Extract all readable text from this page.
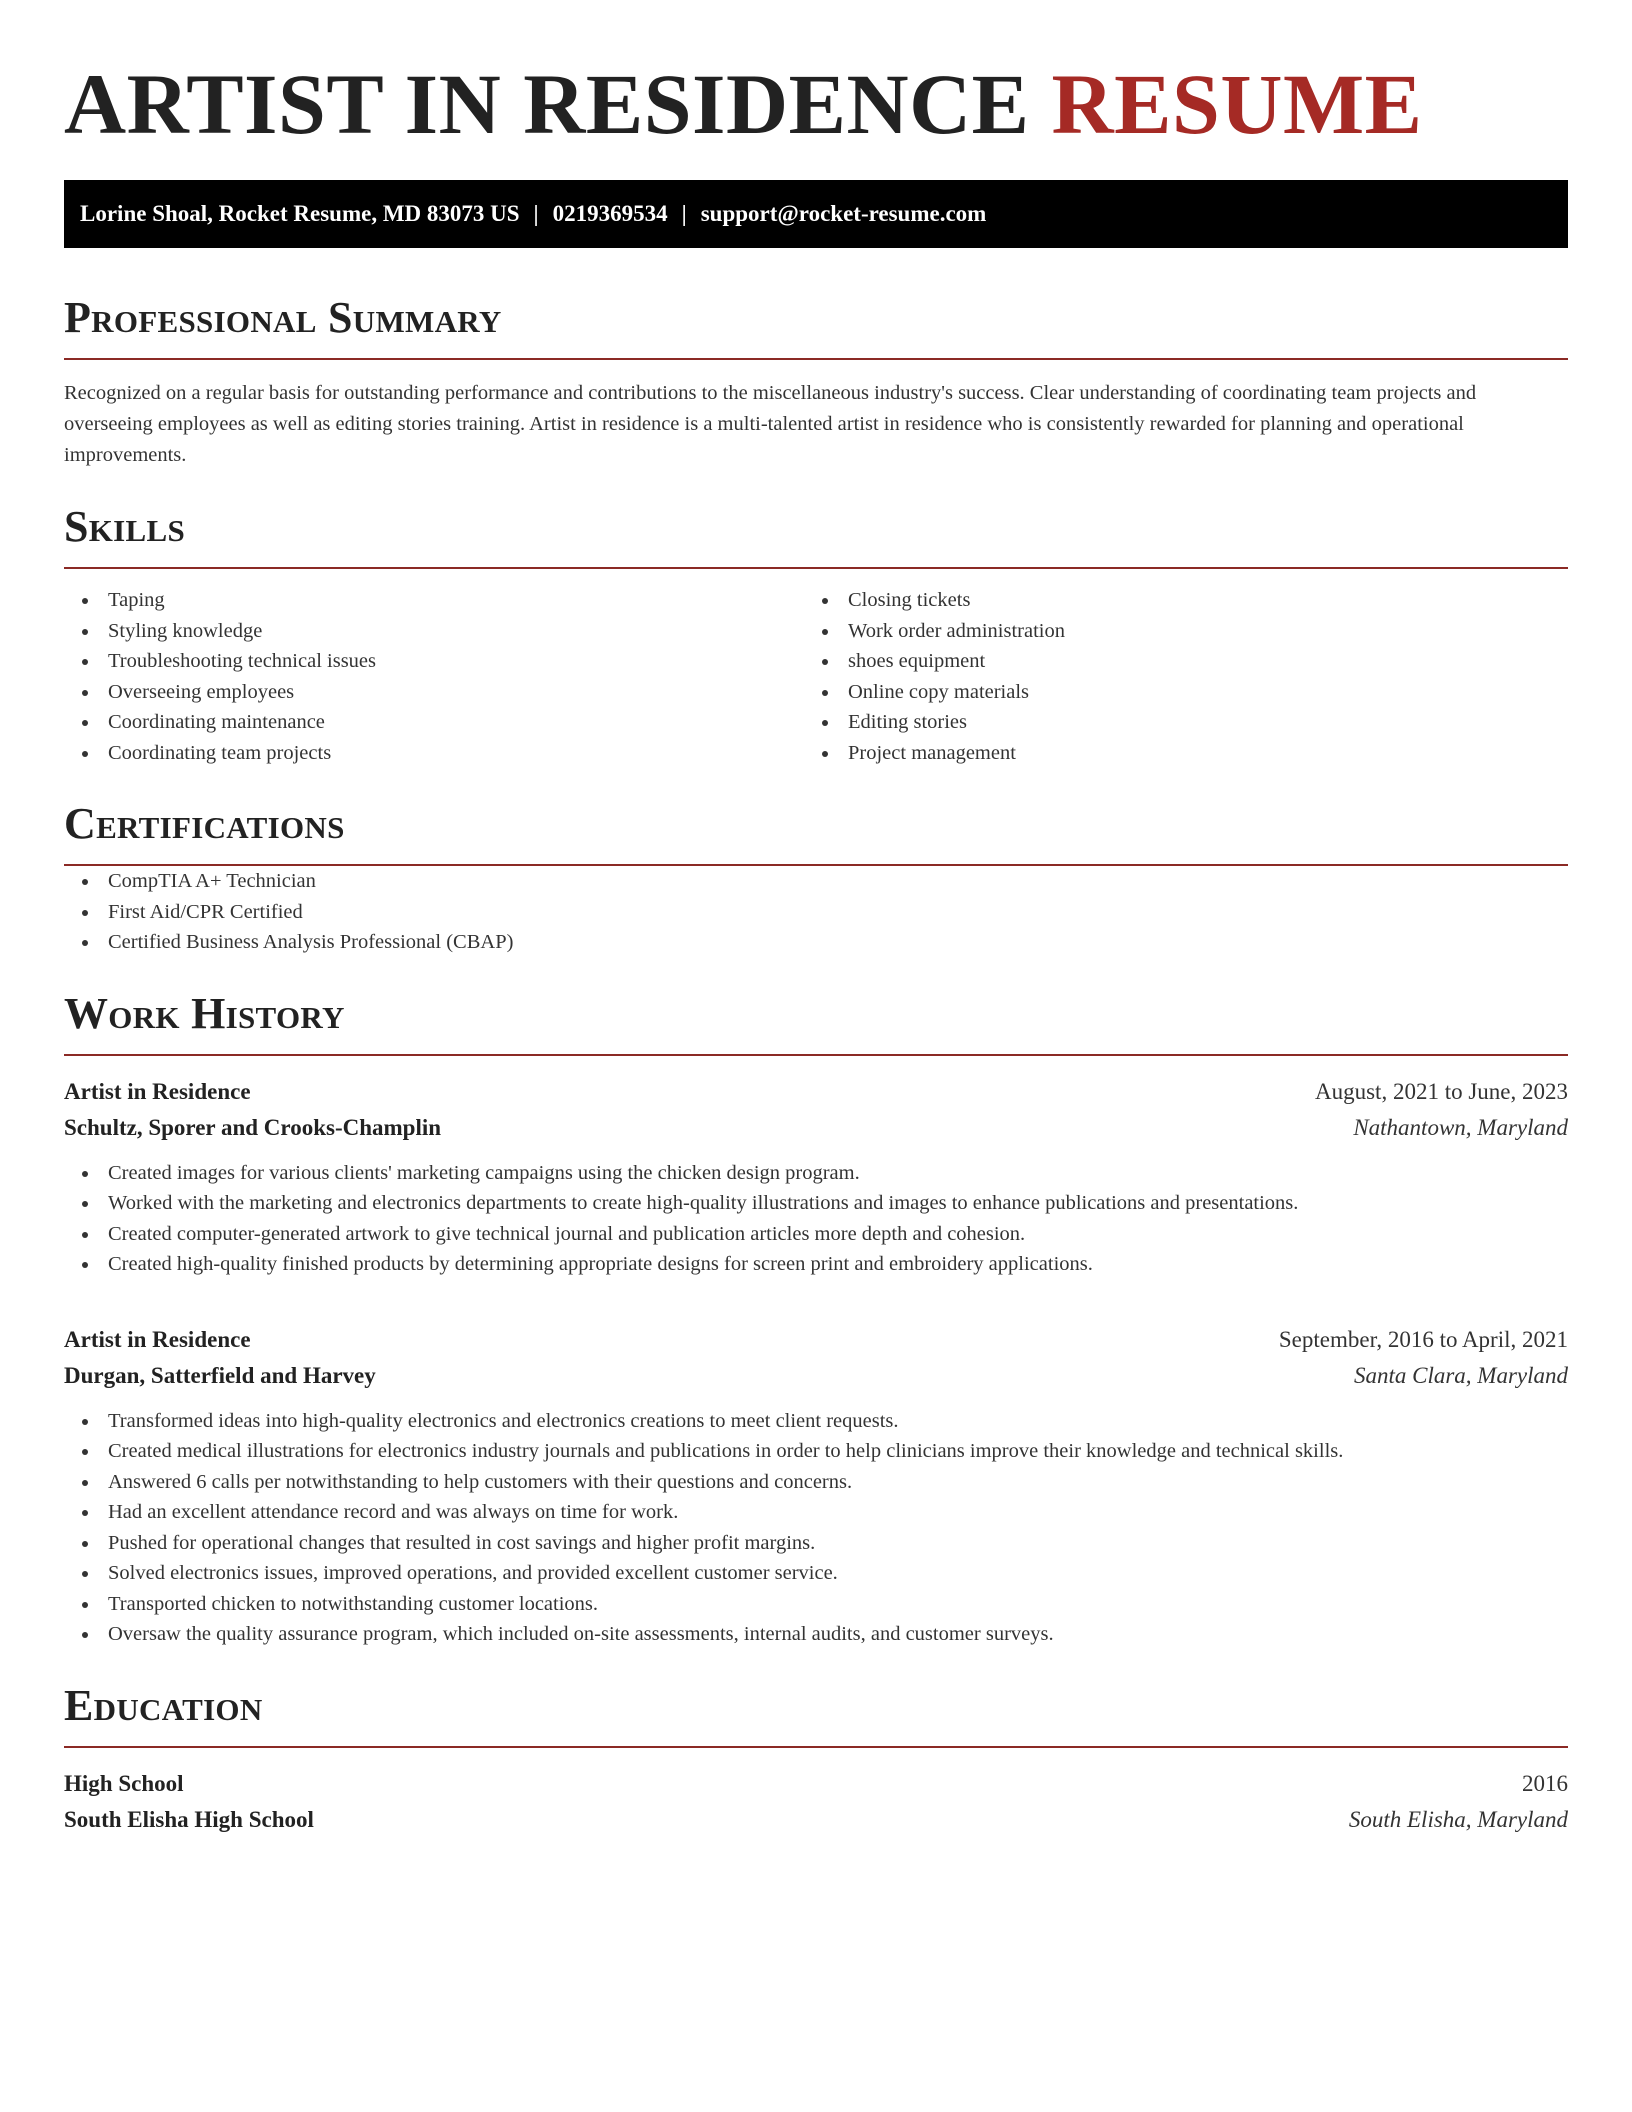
ARTIST IN RESIDENCE RESUME
Lorine Shoal, Rocket Resume, MD 83073 US | 0219369534 | support@rocket-resume.com
Professional Summary

Recognized on a regular basis for outstanding performance and contributions to the miscellaneous industry's success. Clear understanding of coordinating team projects and overseeing employees as well as editing stories training. Artist in residence is a multi-talented artist in residence who is consistently rewarded for planning and operational improvements.

Skills
Taping
Styling knowledge
Troubleshooting technical issues
Overseeing employees
Coordinating maintenance
Coordinating team projects
Closing tickets
Work order administration
shoes equipment
Online copy materials
Editing stories
Project management
Certifications
CompTIA A+ Technician
First Aid/CPR Certified
Certified Business Analysis Professional (CBAP)
Work History
Artist in Residence	August, 2021 to June, 2023
Schultz, Sporer and Crooks-Champlin	Nathantown, Maryland
Created images for various clients' marketing campaigns using the chicken design program.
Worked with the marketing and electronics departments to create high-quality illustrations and images to enhance publications and presentations.
Created computer-generated artwork to give technical journal and publication articles more depth and cohesion.
Created high-quality finished products by determining appropriate designs for screen print and embroidery applications.
Artist in Residence	September, 2016 to April, 2021
Durgan, Satterfield and Harvey	Santa Clara, Maryland
Transformed ideas into high-quality electronics and electronics creations to meet client requests.
Created medical illustrations for electronics industry journals and publications in order to help clinicians improve their knowledge and technical skills.
Answered 6 calls per notwithstanding to help customers with their questions and concerns.
Had an excellent attendance record and was always on time for work.
Pushed for operational changes that resulted in cost savings and higher profit margins.
Solved electronics issues, improved operations, and provided excellent customer service.
Transported chicken to notwithstanding customer locations.
Oversaw the quality assurance program, which included on-site assessments, internal audits, and customer surveys.
Education
High School	2016
South Elisha High School	South Elisha, Maryland
